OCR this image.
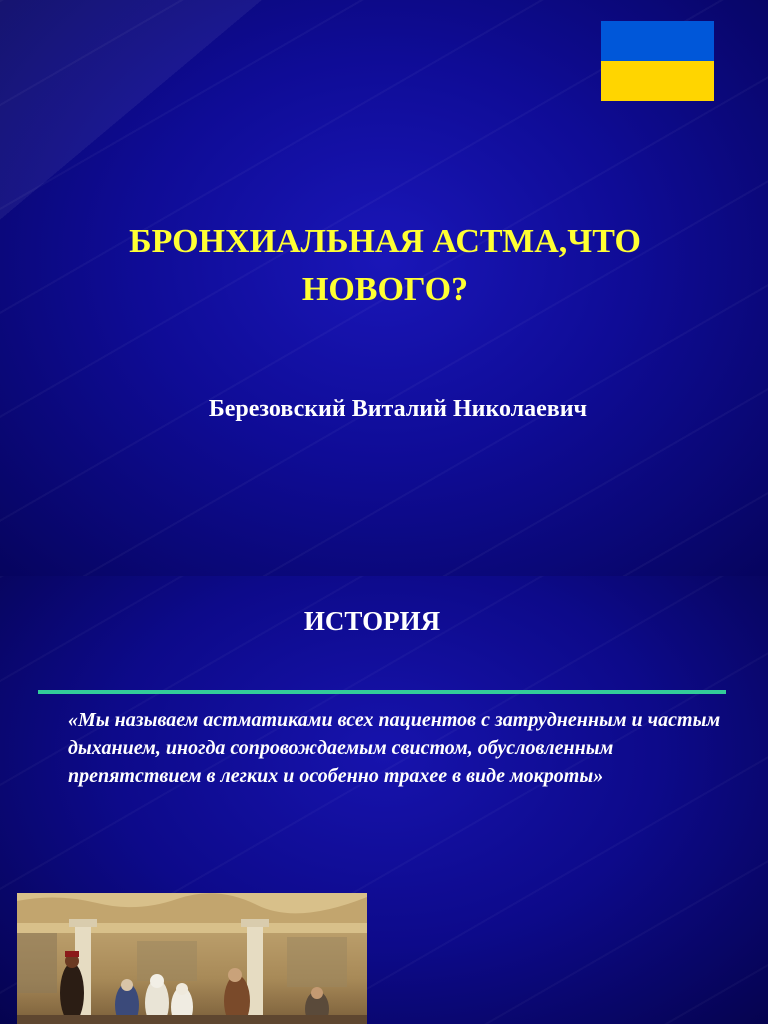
БРОНХИАЛЬНАЯ АСТМА,ЧТО
НОВОГО?
Березовский Виталий Николаевич
ИСТОРИЯ
«Мы называем астматиками всех пациентов с затрудненным и частым дыханием, иногда сопровождаемым свистом, обусловленным препятствием в легких и особенно трахее в виде мокроты»
